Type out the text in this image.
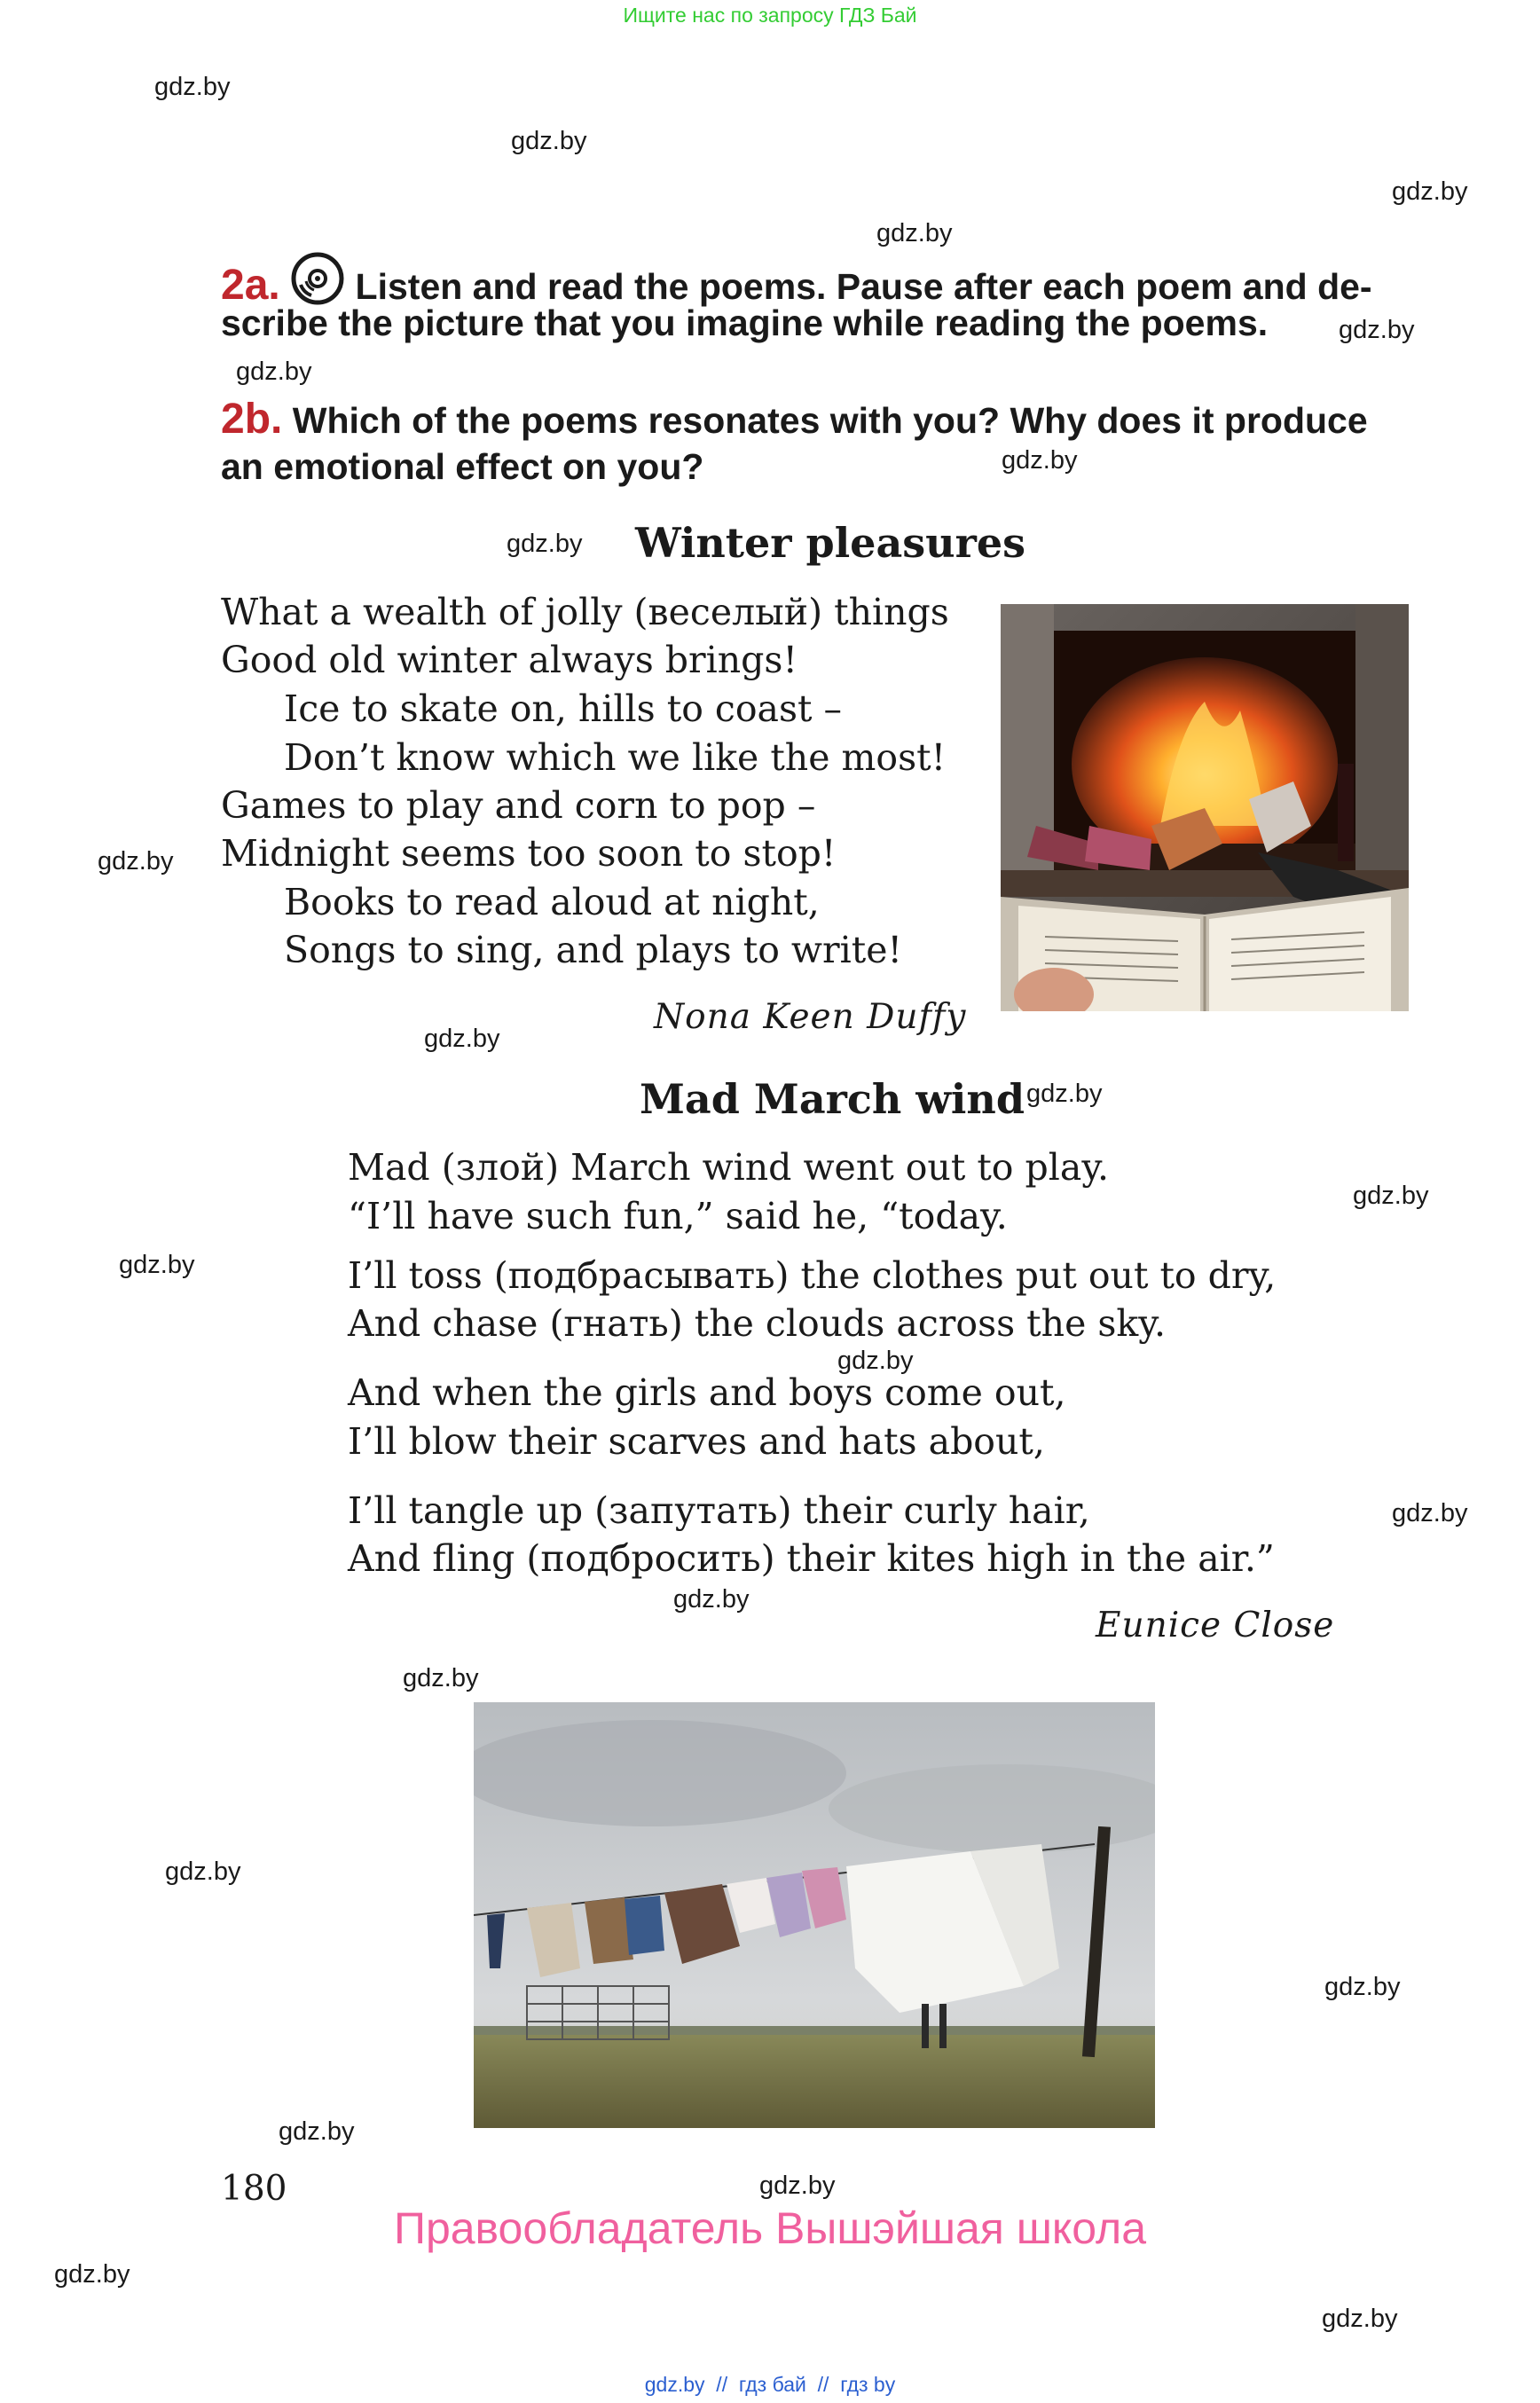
Ищите нас по запросу ГДЗ Бай
gdz.by
gdz.by
gdz.by
gdz.by
gdz.by
gdz.by
gdz.by
gdz.by
gdz.by
gdz.by
gdz.by
gdz.by
gdz.by
gdz.by
gdz.by
gdz.by
gdz.by
gdz.by
gdz.by
gdz.by
gdz.by
gdz.by
gdz.by
2a. Listen and read the poems. Pause after each poem and de-
scribe the picture that you imagine while reading the poems.
2b. Which of the poems resonates with you? Why does it produce
an emotional effect on you?
Winter pleasures
What a wealth of jolly (веселый) things
Good old winter always brings!
Ice to skate on, hills to coast –
Don’t know which we like the most!
Games to play and corn to pop –
Midnight seems too soon to stop!
Books to read aloud at night,
Songs to sing, and plays to write!
Nona Keen Duffy
Mad March wind
Mad (злой) March wind went out to play.
“I’ll have such fun,” said he, “today.
I’ll toss (подбрасывать) the clothes put out to dry,
And chase (гнать) the clouds across the sky.
And when the girls and boys come out,
I’ll blow their scarves and hats about,
I’ll tangle up (запутать) their curly hair,
And fling (подбросить) their kites high in the air.”
Eunice Close
180
Правообладатель Вышэйшая школа
gdz.by  //  гдз бай  //  гдз by
